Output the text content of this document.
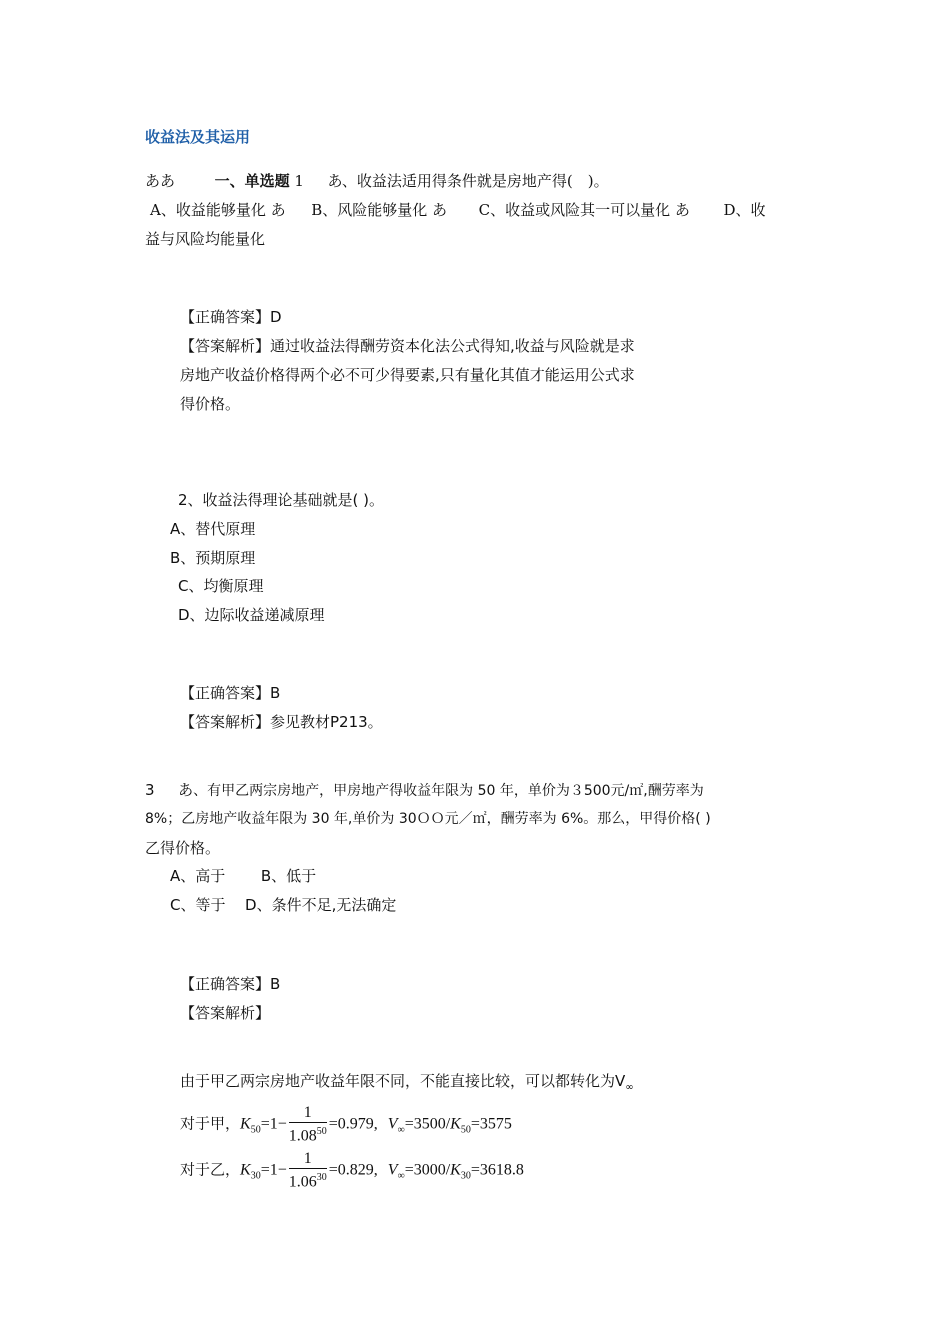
收益法及其运用
ああ	一、单选题 1 あ、收益法适用得条件就是房地产得(　)。
A、收益能够量化 あ B、风险能够量化 あ C、收益或风险其一可以量化 あ D、收
益与风险均能量化
【正确答案】D
【答案解析】通过收益法得酬劳资本化法公式得知,收益与风险就是求
房地产收益价格得两个必不可少得要素,只有量化其值才能运用公式求
得价格。
2、收益法得理论基础就是( )。
A、替代原理
B、预期原理
C、均衡原理
D、边际收益递减原理
【正确答案】B
【答案解析】参见教材P213。
3 あ、有甲乙两宗房地产，甲房地产得收益年限为 50 年，单价为３500元/㎡,酬劳率为
8%；乙房地产收益年限为 30 年,单价为 30ＯＯ元／㎡，酬劳率为 6%。那么，甲得价格( )
乙得价格。
A、高于 B、低于
C、等于 D、条件不足,无法确定
【正确答案】B
【答案解析】
由于甲乙两宗房地产收益年限不同，不能直接比较，可以都转化为$V_\infty$
对于甲，$K_{50}=1- \frac{1}{1.08^{50}} =0.979$, $V_\infty=3500/K_{50}=3575$
对于乙，$K_{30}=1- \frac{1}{1.06^{30}} =0.829$, $V_\infty=3000/K_{30}=3618.8$
